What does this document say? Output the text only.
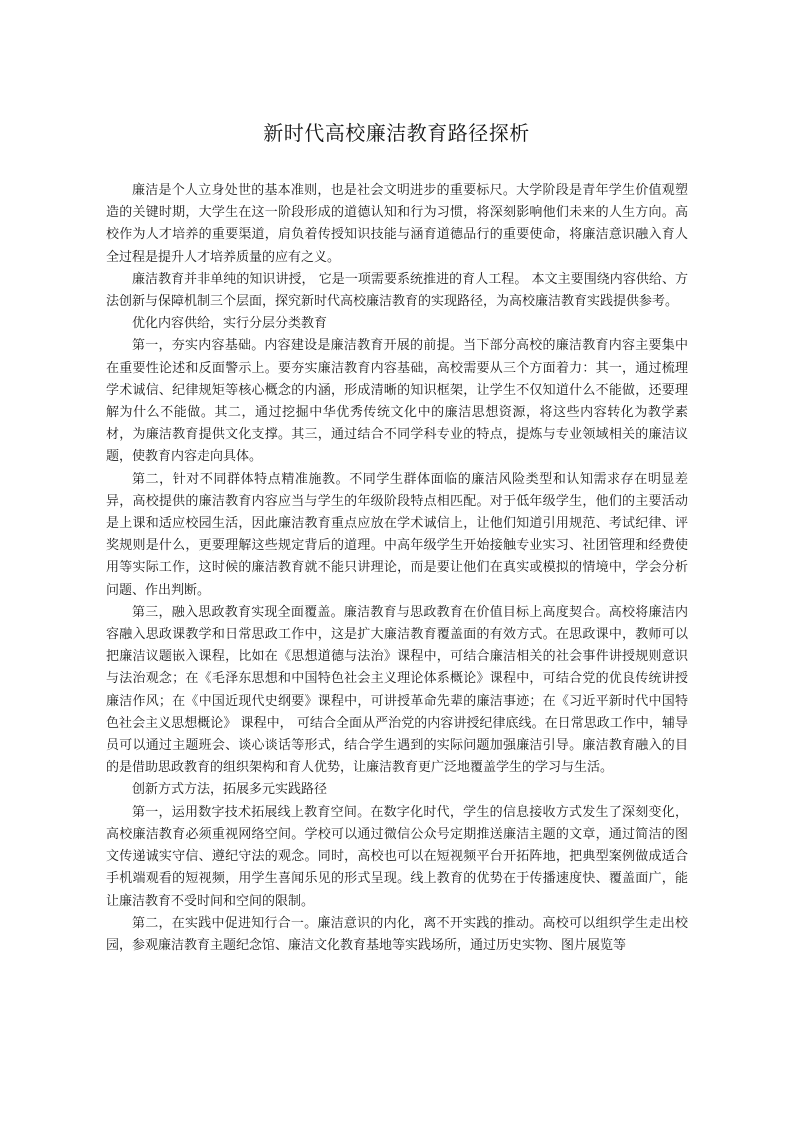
新时代高校廉洁教育路径探析

廉洁是个人立身处世的基本准则，也是社会文明进步的重要标尺。大学阶段是青年学生价值观塑造的关键时期，大学生在这一阶段形成的道德认知和行为习惯，将深刻影响他们未来的人生方向。高校作为人才培养的重要渠道，肩负着传授知识技能与涵育道德品行的重要使命，将廉洁意识融入育人全过程是提升人才培养质量的应有之义。

廉洁教育并非单纯的知识讲授， 它是一项需要系统推进的育人工程。 本文主要围绕内容供给、方法创新与保障机制三个层面，探究新时代高校廉洁教育的实现路径，为高校廉洁教育实践提供参考。

优化内容供给，实行分层分类教育

第一，夯实内容基础。内容建设是廉洁教育开展的前提。当下部分高校的廉洁教育内容主要集中在重要性论述和反面警示上。要夯实廉洁教育内容基础，高校需要从三个方面着力：其一，通过梳理学术诚信、纪律规矩等核心概念的内涵，形成清晰的知识框架，让学生不仅知道什么不能做，还要理解为什么不能做。其二，通过挖掘中华优秀传统文化中的廉洁思想资源，将这些内容转化为教学素材，为廉洁教育提供文化支撑。其三，通过结合不同学科专业的特点，提炼与专业领域相关的廉洁议题，使教育内容走向具体。

第二，针对不同群体特点精准施教。不同学生群体面临的廉洁风险类型和认知需求存在明显差异，高校提供的廉洁教育内容应当与学生的年级阶段特点相匹配。对于低年级学生，他们的主要活动是上课和适应校园生活，因此廉洁教育重点应放在学术诚信上，让他们知道引用规范、考试纪律、评奖规则是什么，更要理解这些规定背后的道理。中高年级学生开始接触专业实习、社团管理和经费使用等实际工作，这时候的廉洁教育就不能只讲理论，而是要让他们在真实或模拟的情境中，学会分析问题、作出判断。

第三，融入思政教育实现全面覆盖。廉洁教育与思政教育在价值目标上高度契合。高校将廉洁内容融入思政课教学和日常思政工作中，这是扩大廉洁教育覆盖面的有效方式。在思政课中，教师可以把廉洁议题嵌入课程，比如在《思想道德与法治》课程中，可结合廉洁相关的社会事件讲授规则意识与法治观念；在《毛泽东思想和中国特色社会主义理论体系概论》课程中，可结合党的优良传统讲授廉洁作风；在《中国近现代史纲要》课程中，可讲授革命先辈的廉洁事迹；在《习近平新时代中国特色社会主义思想概论》 课程中， 可结合全面从严治党的内容讲授纪律底线。在日常思政工作中，辅导员可以通过主题班会、谈心谈话等形式，结合学生遇到的实际问题加强廉洁引导。廉洁教育融入的目的是借助思政教育的组织架构和育人优势，让廉洁教育更广泛地覆盖学生的学习与生活。

创新方式方法，拓展多元实践路径

第一，运用数字技术拓展线上教育空间。在数字化时代，学生的信息接收方式发生了深刻变化，高校廉洁教育必须重视网络空间。学校可以通过微信公众号定期推送廉洁主题的文章，通过简洁的图文传递诚实守信、遵纪守法的观念。同时，高校也可以在短视频平台开拓阵地，把典型案例做成适合手机端观看的短视频，用学生喜闻乐见的形式呈现。线上教育的优势在于传播速度快、覆盖面广，能让廉洁教育不受时间和空间的限制。

第二，在实践中促进知行合一。廉洁意识的内化，离不开实践的推动。高校可以组织学生走出校园，参观廉洁教育主题纪念馆、廉洁文化教育基地等实践场所，通过历史实物、图片展览等
